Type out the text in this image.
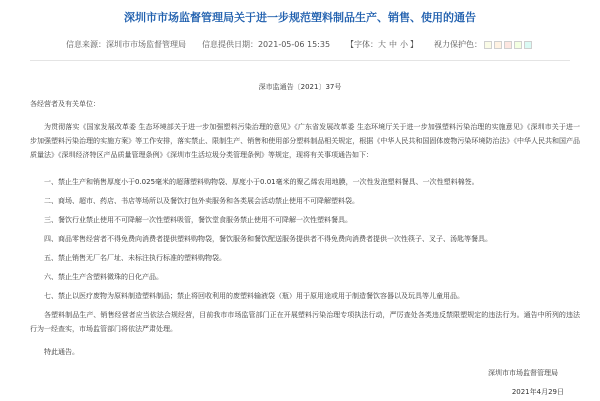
深圳市市场监督管理局关于进一步规范塑料制品生产、销售、使用的通告
信息来源： 深圳市市场监督管理局 信息提供日期： 2021-05-06 15:35 【字体： 大 中 小 】 视力保护色：

深市监通告〔2021〕37号

各经营者及有关单位：

为贯彻落实《国家发展改革委 生态环境部关于进一步加强塑料污染治理的意见》《广东省发展改革委 生态环境厅关于进一步加强塑料污染治理的实施意见》《深圳市关于进一步加强塑料污染治理的实施方案》等工作安排，落实禁止、限制生产、销售和使用部分塑料制品相关规定，根据《中华人民共和国固体废物污染环境防治法》《中华人民共和国产品质量法》《深圳经济特区产品质量管理条例》《深圳市生活垃圾分类管理条例》等规定，现将有关事项通告如下：

一、禁止生产和销售厚度小于0.025毫米的超薄塑料购物袋、厚度小于0.01毫米的聚乙烯农用地膜，一次性发泡塑料餐具、一次性塑料棉签。

二、商场、超市、药店、书店等场所以及餐饮打包外卖服务和各类展会活动禁止使用不可降解塑料袋。

三、餐饮行业禁止使用不可降解一次性塑料吸管，餐饮堂食服务禁止使用不可降解一次性塑料餐具。

四、商品零售经营者不得免费向消费者提供塑料购物袋，餐饮服务和餐饮配送服务提供者不得免费向消费者提供一次性筷子、叉子、汤匙等餐具。

五、禁止销售无厂名厂址、未标注执行标准的塑料购物袋。

六、禁止生产含塑料微珠的日化产品。

七、禁止以医疗废物为原料制造塑料制品；禁止将回收利用的废塑料输液袋（瓶）用于原用途或用于制造餐饮容器以及玩具等儿童用品。

各塑料制品生产、销售经营者应当依法合规经营，目前我市市场监管部门正在开展塑料污染治理专项执法行动，严厉查处各类违反禁限塑规定的违法行为。通告中所列的违法行为一经查实，市场监管部门将依法严肃处理。

特此通告。

深圳市市场监督管理局

2021年4月29日
